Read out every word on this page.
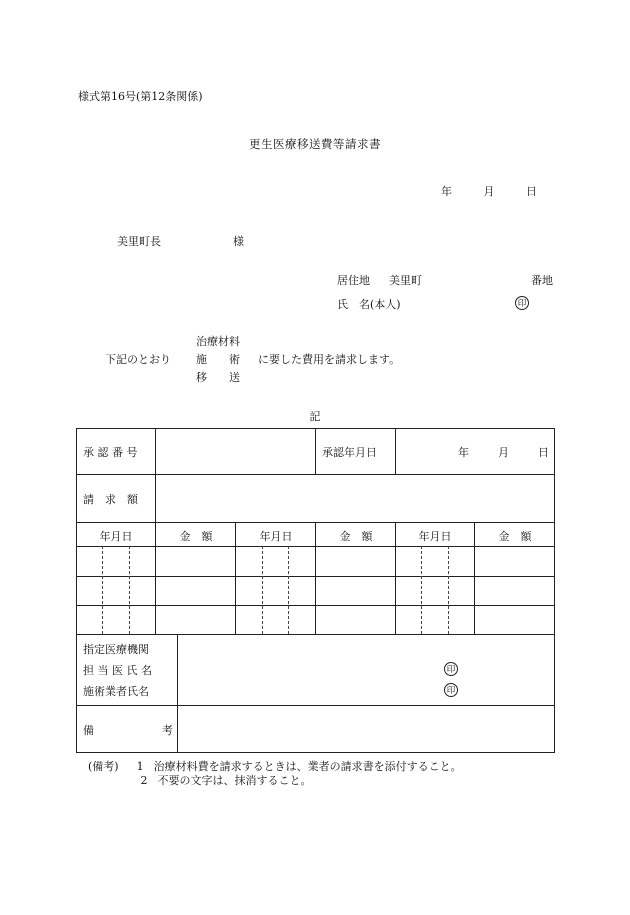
様式第16号(第12条関係)
更生医療移送費等請求書
年	月	日
美里町長	様
居住地 美里町	番地
氏　名(本人)	印
下記のとおり
治療材料
施　　術
移　　送
に要した費用を請求します。
記
承 認 番 号	承認年月日	年	月	日
請　求　額
年月日	金　額	年月日	金　額	年月日	金　額
指定医療機関
担 当 医 氏 名	印
施術業者氏名	印
備	考
(備考) 1 治療材料費を請求するときは、業者の請求書を添付すること。
2 不要の文字は、抹消すること。
